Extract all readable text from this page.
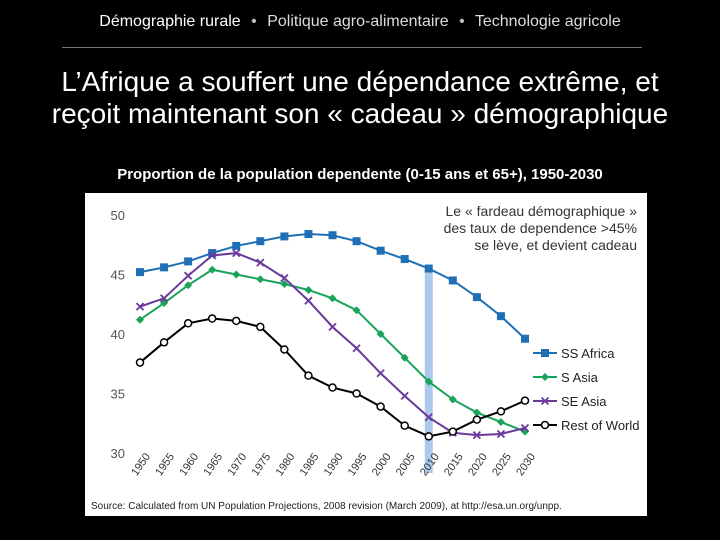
Démographie rurale • Politique agro-alimentaire • Technologie agricole
L’Afrique a souffert une dépendance extrême, et
reçoit maintenant son « cadeau » démographique
Proportion de la population dependente (0-15 ans et 65+), 1950-2030
30
35
40
45
50
1950 1955 1960 1965 1970 1975 1980 1985 1990 1995 2000 2005 2010 2015 2020 2025 2030
SS Africa
S Asia
SE Asia
Rest of World
Le « fardeau démographique »
des taux de dependence >45%
se lève, et devient cadeau
Source: Calculated from UN Population Projections, 2008 revision (March 2009), at http://esa.un.org/unpp.
